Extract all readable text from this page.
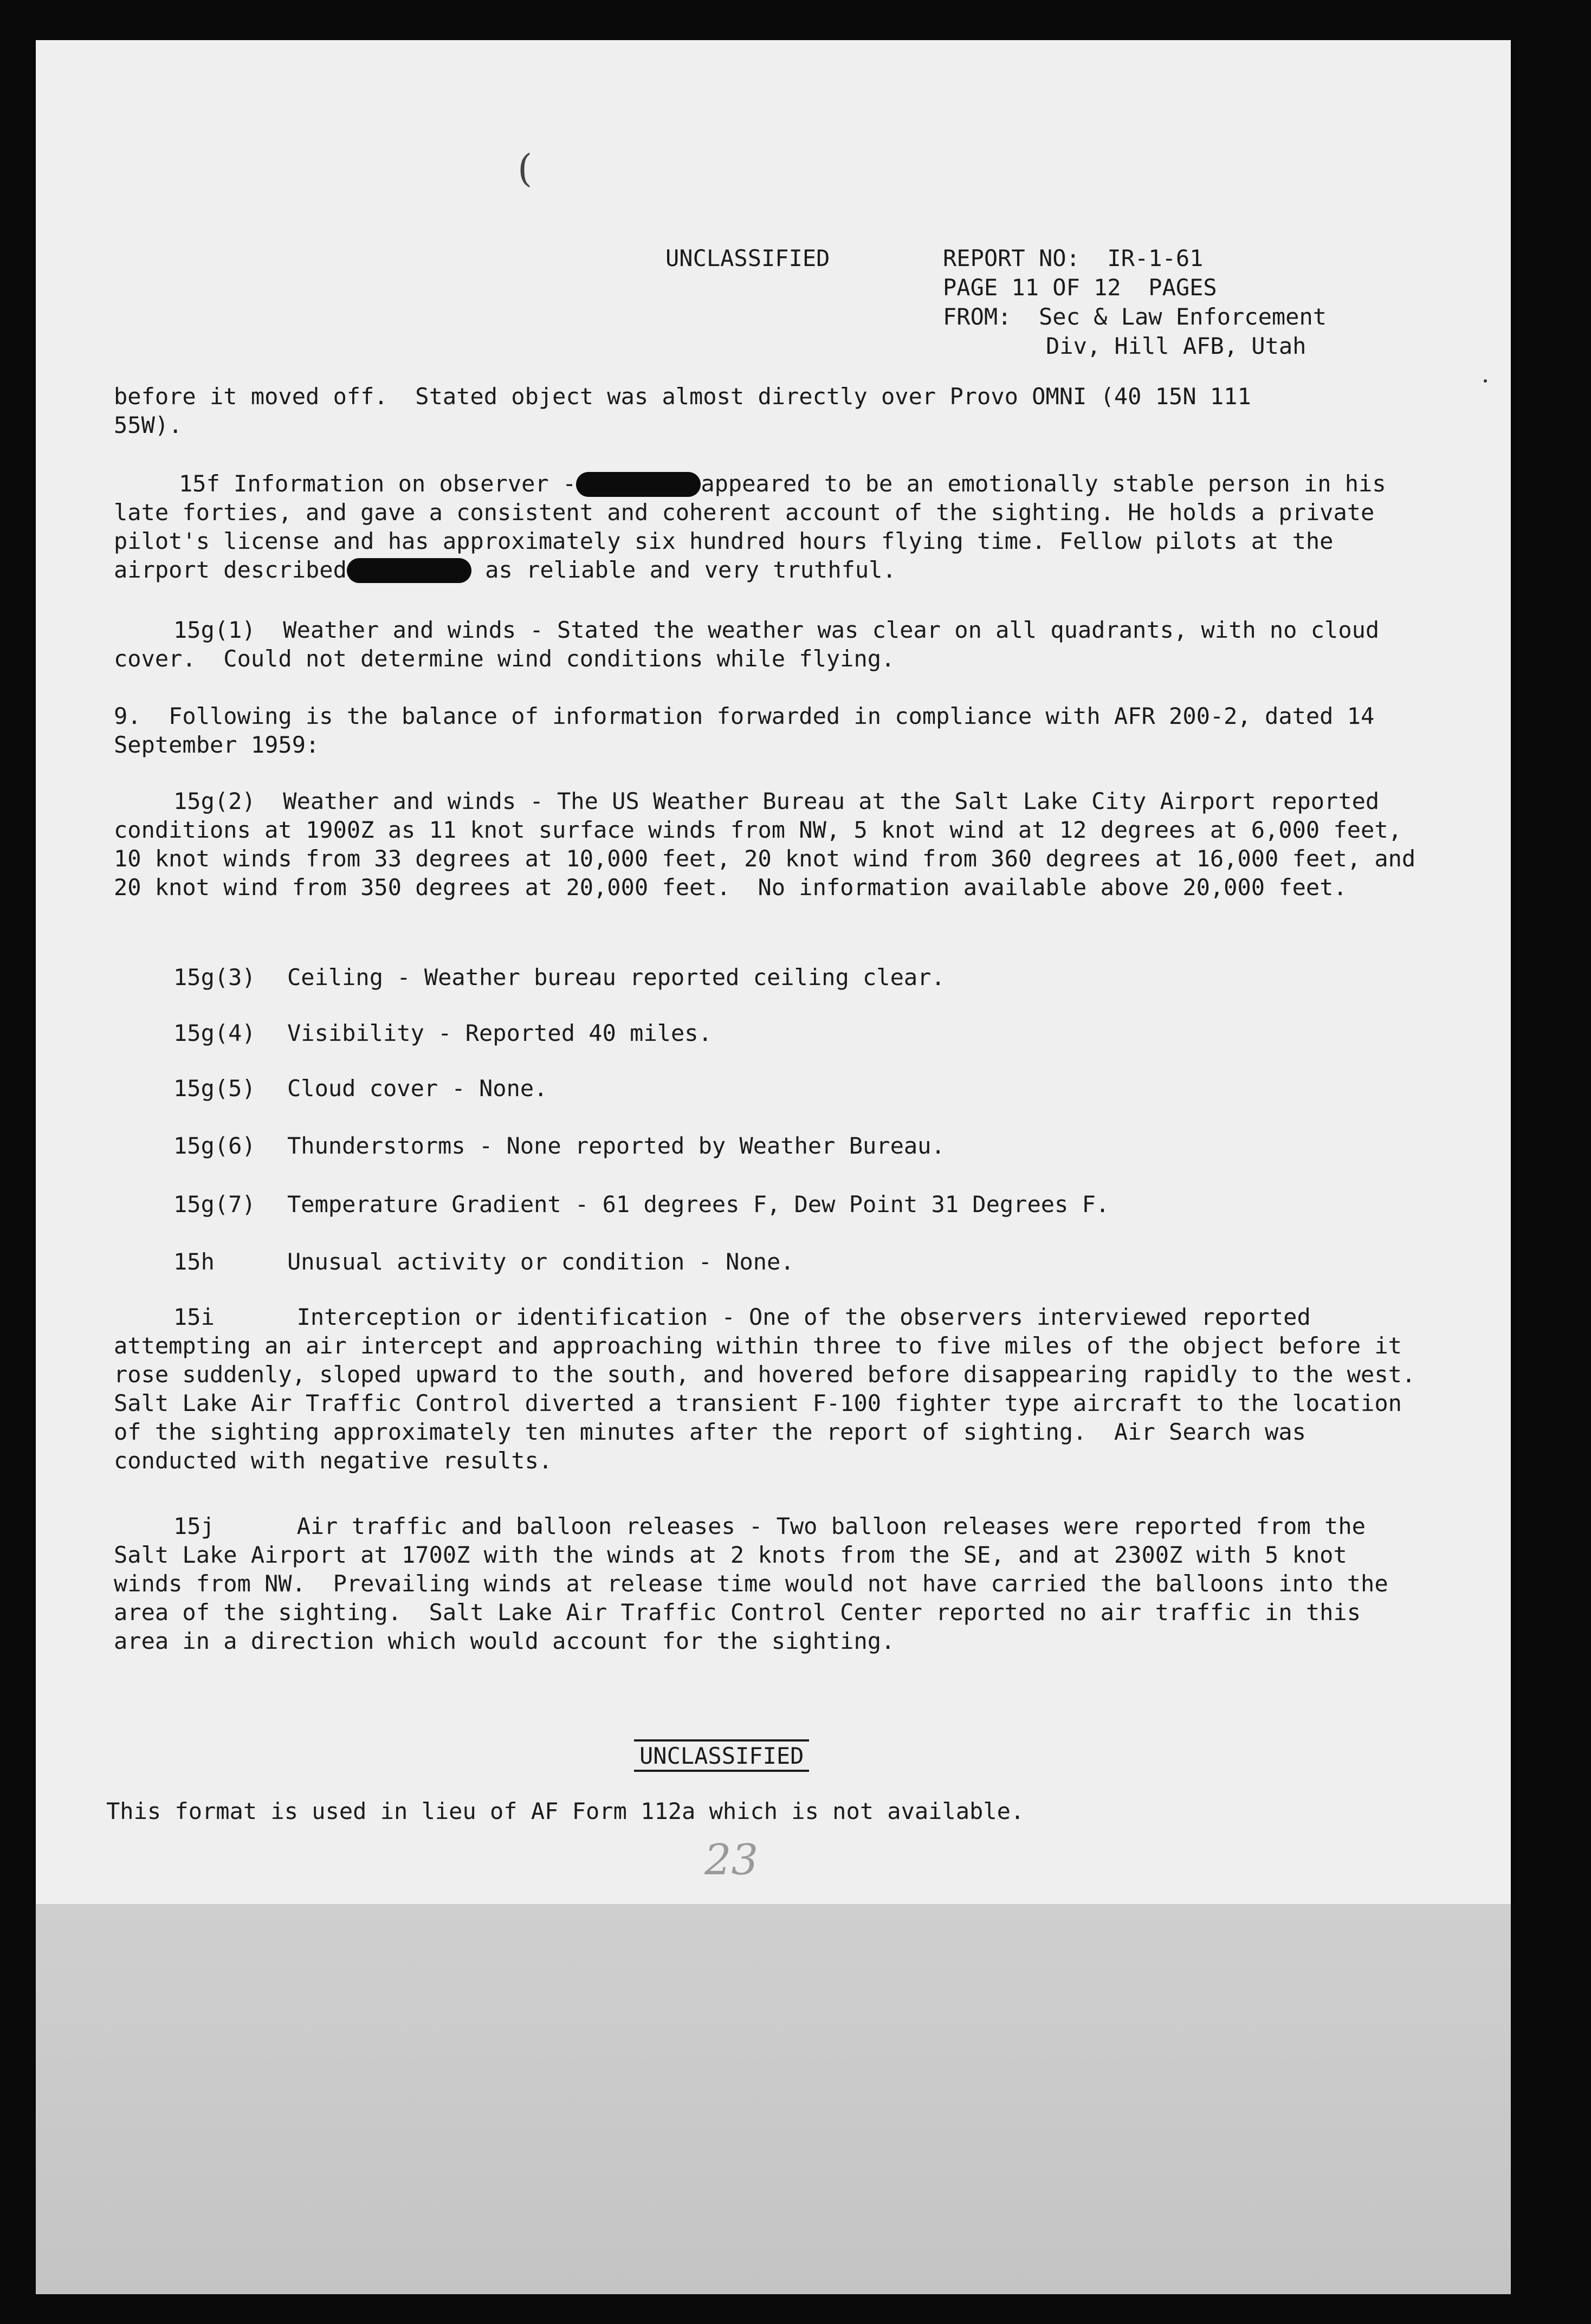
(
UNCLASSIFIED	REPORT NO:  IR-1-61
PAGE 11 OF 12  PAGES
FROM:  Sec & Law Enforcement
Div, Hill AFB, Utah
before it moved off.  Stated object was almost directly over Provo OMNI (40 15N 111 55W).
15f Information on observer -	appeared to be an emotionally stable person in his late forties, and gave a consistent and coherent account of the sighting. He holds a private pilot's license and has approximately six hundred hours flying time. Fellow pilots at the airport described	as reliable and very truthful.
15g(1)  Weather and winds - Stated the weather was clear on all quadrants, with no cloud cover.  Could not determine wind conditions while flying.
9.  Following is the balance of information forwarded in compliance with AFR 200-2, dated 14 September 1959:
15g(2)  Weather and winds - The US Weather Bureau at the Salt Lake City Airport reported conditions at 1900Z as 11 knot surface winds from NW, 5 knot wind at 12 degrees at 6,000 feet, 10 knot winds from 33 degrees at 10,000 feet, 20 knot wind from 360 degrees at 16,000 feet, and 20 knot wind from 350 degrees at 20,000 feet.  No information available above 20,000 feet.
15g(3) Ceiling - Weather bureau reported ceiling clear.
15g(4) Visibility - Reported 40 miles.
15g(5) Cloud cover - None.
15g(6) Thunderstorms - None reported by Weather Bureau.
15g(7) Temperature Gradient - 61 degrees F, Dew Point 31 Degrees F.
15h	Unusual activity or condition - None.
15i      Interception or identification - One of the observers interviewed reported attempting an air intercept and approaching within three to five miles of the object before it rose suddenly, sloped upward to the south, and hovered before disappearing rapidly to the west.  Salt Lake Air Traffic Control diverted a transient F-100 fighter type aircraft to the location of the sighting approximately ten minutes after the report of sighting.  Air Search was conducted with negative results.
15j      Air traffic and balloon releases - Two balloon releases were reported from the Salt Lake Airport at 1700Z with the winds at 2 knots from the SE, and at 2300Z with 5 knot winds from NW.  Prevailing winds at release time would not have carried the balloons into the area of the sighting.  Salt Lake Air Traffic Control Center reported no air traffic in this area in a direction which would account for the sighting.
UNCLASSIFIED
This format is used in lieu of AF Form 112a which is not available.
23
